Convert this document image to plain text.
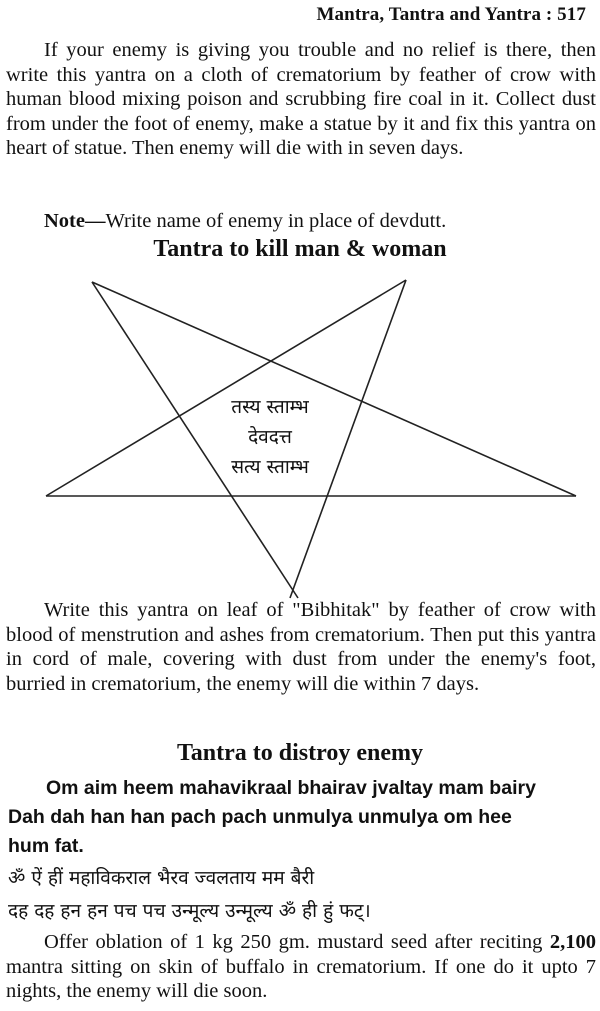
Mantra, Tantra and Yantra : 517

If your enemy is giving you trouble and no relief is there, then write this yantra on a cloth of crematorium by feather of crow with human blood mixing poison and scrubbing fire coal in it. Collect dust from under the foot of enemy, make a statue by it and fix this yantra on heart of statue. Then enemy will die with in seven days.

Note—Write name of enemy in place of devdutt.

Tantra to kill man & woman
तस्य स्ताम्भ
देवदत्त
सत्य स्ताम्भ

Write this yantra on leaf of "Bibhitak" by feather of crow with blood of menstrution and ashes from crematorium. Then put this yantra in cord of male, covering with dust from under the enemy's foot, burried in crematorium, the enemy will die within 7 days.

Tantra to distroy enemy

Om aim heem mahavikraal bhairav jvaltay mam bairy

Dah dah han han pach pach unmulya unmulya om hee

hum fat.

ॐ ऐं हीं महाविकराल भैरव ज्वलताय मम बैरी

दह दह हन हन पच पच उन्मूल्य उन्मूल्य ॐ ही हुं फट्।

Offer oblation of 1 kg 250 gm. mustard seed after reciting 2,100 mantra sitting on skin of buffalo in crematorium. If one do it upto 7 nights, the enemy will die soon.
